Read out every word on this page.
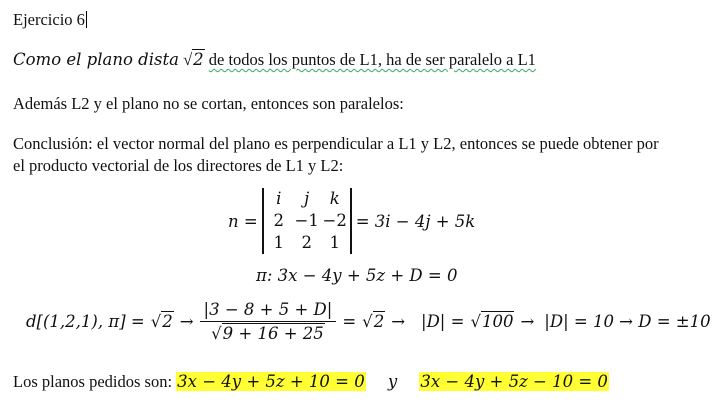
Ejercicio 6
Como el plano dista √2 de todos los puntos de L1, ha de ser paralelo a L1
Además L2 y el plano no se cortan, entonces son paralelos:
Conclusión: el vector normal del plano es perpendicular a L1 y L2, entonces se puede obtener por
el producto vectorial de los directores de L1 y L2:
n =
i	j	k
2 −1 −2
1	2	1
= 3i − 4j + 5k
π: 3x − 4y + 5z + D = 0
d[(1,2,1), $\pi] = √2 \to \frac{|3 - 8 + 5 + D|}{√9 + 16 + 25} = √2 \to |D| = √100 \to |D| = 10 \to D = \pm 10$
Los planos pedidos son: 3x − 4y + 5z + 10 = 0 y 3x − 4y + 5z − 10 = 0
